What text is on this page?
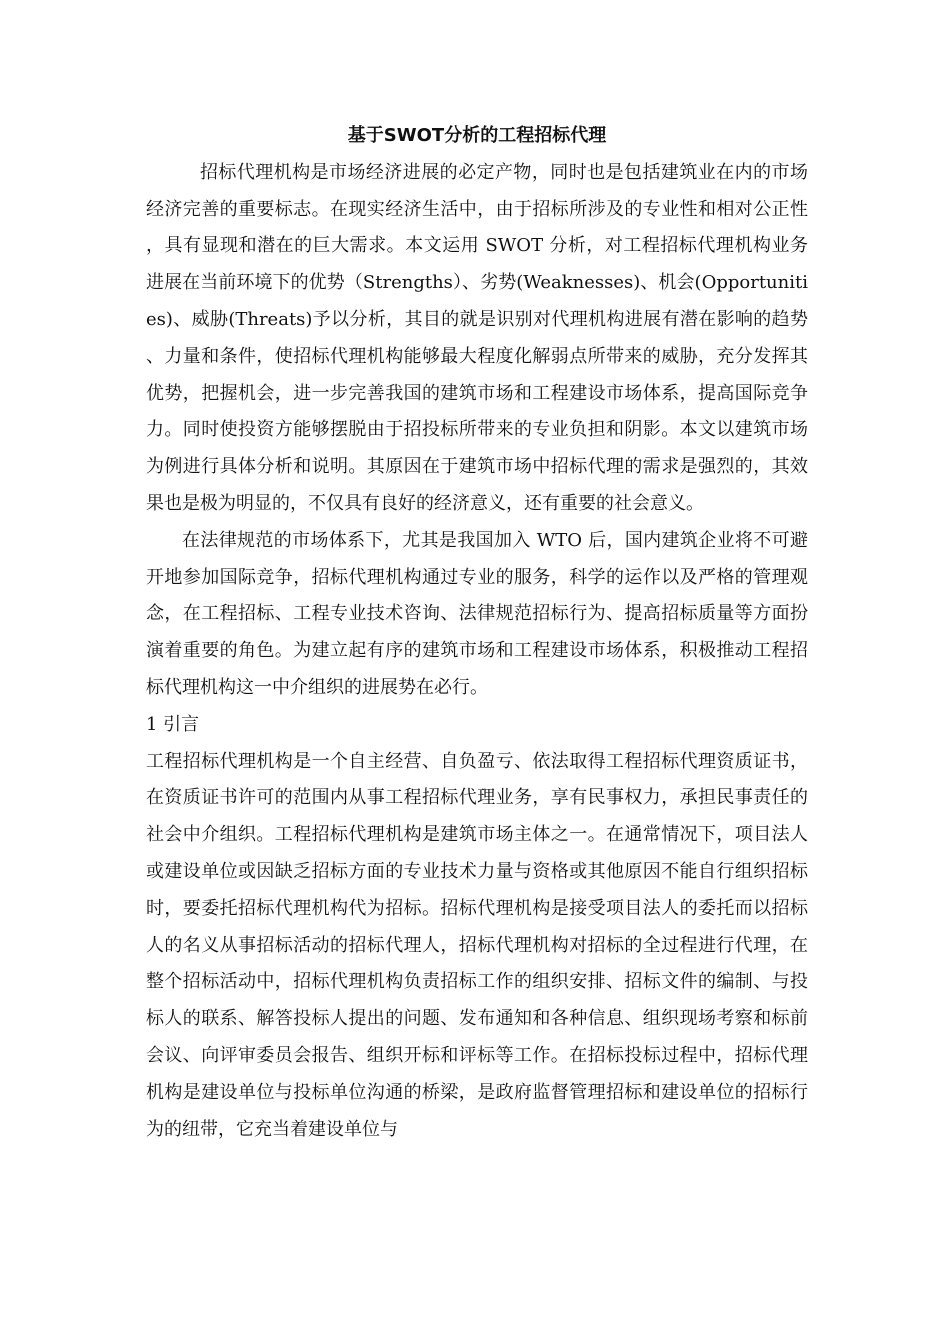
基于SWOT分析的工程招标代理

招标代理机构是市场经济进展的必定产物，同时也是包括建筑业在内的市场经济完善的重要标志。在现实经济生活中，由于招标所涉及的专业性和相对公正性，具有显现和潜在的巨大需求。本文运用 SWOT 分析，对工程招标代理机构业务进展在当前环境下的优势（Strengths）、劣势(Weaknesses)、机会(Opportunities)、威胁(Threats)予以分析，其目的就是识别对代理机构进展有潜在影响的趋势、力量和条件，使招标代理机构能够最大程度化解弱点所带来的威胁，充分发挥其优势，把握机会，进一步完善我国的建筑市场和工程建设市场体系，提高国际竞争力。同时使投资方能够摆脱由于招投标所带来的专业负担和阴影。本文以建筑市场为例进行具体分析和说明。其原因在于建筑市场中招标代理的需求是强烈的，其效果也是极为明显的，不仅具有良好的经济意义，还有重要的社会意义。

在法律规范的市场体系下，尤其是我国加入 WTO 后，国内建筑企业将不可避开地参加国际竞争，招标代理机构通过专业的服务，科学的运作以及严格的管理观念，在工程招标、工程专业技术咨询、法律规范招标行为、提高招标质量等方面扮演着重要的角色。为建立起有序的建筑市场和工程建设市场体系，积极推动工程招标代理机构这一中介组织的进展势在必行。

1 引言

工程招标代理机构是一个自主经营、自负盈亏、依法取得工程招标代理资质证书，在资质证书许可的范围内从事工程招标代理业务，享有民事权力，承担民事责任的社会中介组织。工程招标代理机构是建筑市场主体之一。在通常情况下，项目法人或建设单位或因缺乏招标方面的专业技术力量与资格或其他原因不能自行组织招标时，要委托招标代理机构代为招标。招标代理机构是接受项目法人的委托而以招标人的名义从事招标活动的招标代理人，招标代理机构对招标的全过程进行代理，在整个招标活动中，招标代理机构负责招标工作的组织安排、招标文件的编制、与投标人的联系、解答投标人提出的问题、发布通知和各种信息、组织现场考察和标前会议、向评审委员会报告、组织开标和评标等工作。在招标投标过程中，招标代理机构是建设单位与投标单位沟通的桥梁，是政府监督管理招标和建设单位的招标行为的纽带，它充当着建设单位与
